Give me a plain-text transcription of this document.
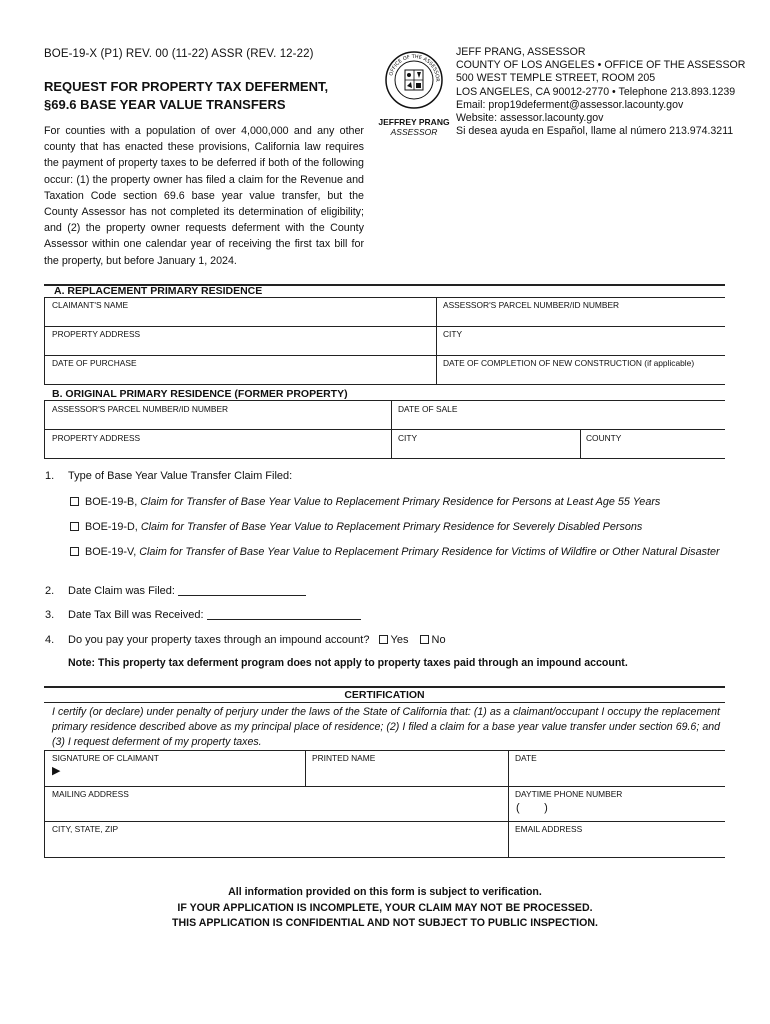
BOE-19-X (P1) REV. 00 (11-22) ASSR (REV. 12-22)
REQUEST FOR PROPERTY TAX DEFERMENT,
§69.6 BASE YEAR VALUE TRANSFERS
For counties with a population of over 4,000,000 and any other county that has enacted these provisions, California law requires the payment of property taxes to be deferred if both of the following occur: (1) the property owner has filed a claim for the Revenue and Taxation Code section 69.6 base year value transfer, but the County Assessor has not completed its determination of eligibility; and (2) the property owner requests deferment with the County Assessor within one calendar year of receiving the first tax bill for the property, but before January 1, 2024.
OFFICE OF THE ASSESSOR
JEFFREY PRANG
ASSESSOR
JEFF PRANG, ASSESSOR
COUNTY OF LOS ANGELES • OFFICE OF THE ASSESSOR
500 WEST TEMPLE STREET, ROOM 205
LOS ANGELES, CA 90012-2770 • Telephone 213.893.1239
Email: prop19deferment@assessor.lacounty.gov
Website: assessor.lacounty.gov
Si desea ayuda en Español, llame al número 213.974.3211
A. REPLACEMENT PRIMARY RESIDENCE
CLAIMANT'S NAME	ASSESSOR'S PARCEL NUMBER/ID NUMBER
PROPERTY ADDRESS	CITY
DATE OF PURCHASE	DATE OF COMPLETION OF NEW CONSTRUCTION (if applicable)
B. ORIGINAL PRIMARY RESIDENCE (FORMER PROPERTY)
ASSESSOR'S PARCEL NUMBER/ID NUMBER	DATE OF SALE
PROPERTY ADDRESS	CITY	COUNTY
1. Type of Base Year Value Transfer Claim Filed:
BOE-19-B, Claim for Transfer of Base Year Value to Replacement Primary Residence for Persons at Least Age 55 Years
BOE-19-D, Claim for Transfer of Base Year Value to Replacement Primary Residence for Severely Disabled Persons
BOE-19-V, Claim for Transfer of Base Year Value to Replacement Primary Residence for Victims of Wildfire or Other Natural Disaster
2. Date Claim was Filed:
3. Date Tax Bill was Received:
4. Do you pay your property taxes through an impound account? Yes No
Note: This property tax deferment program does not apply to property taxes paid through an impound account.
CERTIFICATION
I certify (or declare) under penalty of perjury under the laws of the State of California that: (1) as a claimant/occupant I occupy the replacement primary residence described above as my principal place of residence; (2) I filed a claim for a base year value transfer under section 69.6; and (3) I request deferment of my property taxes.
SIGNATURE OF CLAIMANT
▶
PRINTED NAME	DATE
MAILING ADDRESS	DAYTIME PHONE NUMBER
(        )
CITY, STATE, ZIP	EMAIL ADDRESS
All information provided on this form is subject to verification.
IF YOUR APPLICATION IS INCOMPLETE, YOUR CLAIM MAY NOT BE PROCESSED.
THIS APPLICATION IS CONFIDENTIAL AND NOT SUBJECT TO PUBLIC INSPECTION.
